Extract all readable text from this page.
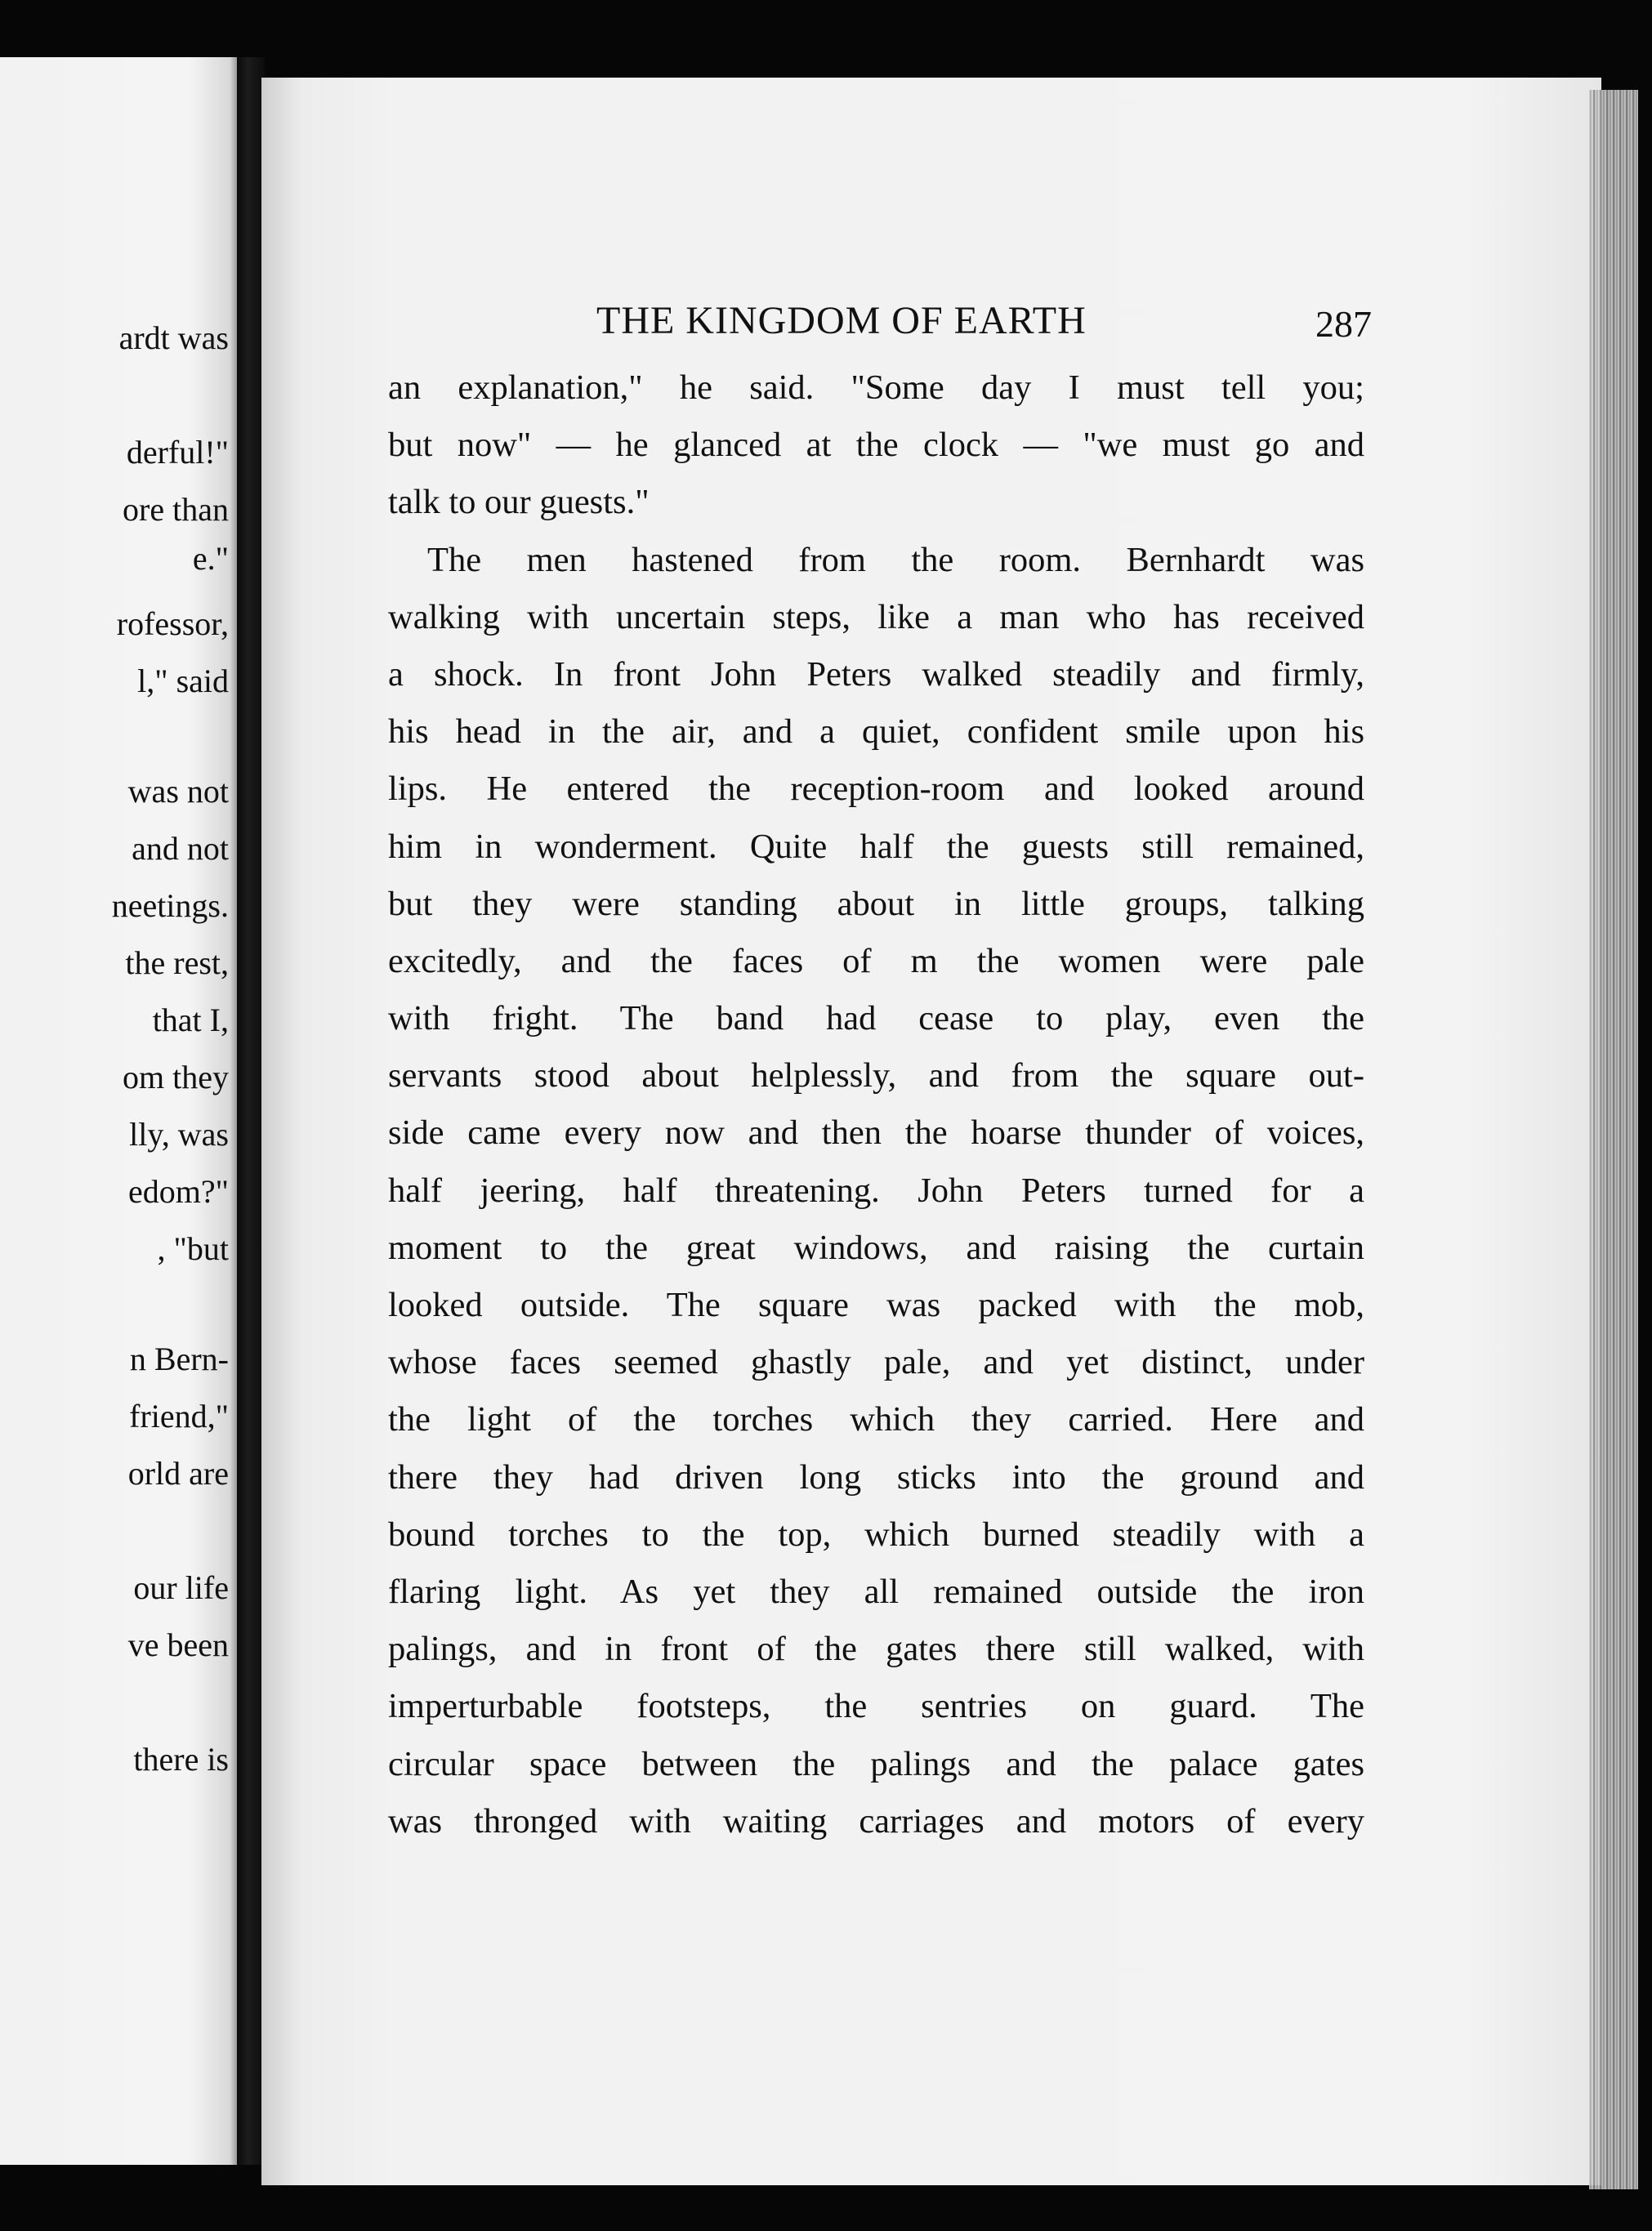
ardt was
derful!"
ore than
e."
rofessor,
l," said
was not
and not
neetings.
the rest,
that I,
om they
lly, was
edom?"
, "but
n Bern-
friend,"
orld are
our life
ve been
there is
THE KINGDOM OF EARTH	287
an explanation," he said. "Some day I must tell you;
but now" — he glanced at the clock — "we must go and
talk to our guests."
The men hastened from the room. Bernhardt was
walking with uncertain steps, like a man who has received
a shock. In front John Peters walked steadily and firmly,
his head in the air, and a quiet, confident smile upon his
lips. He entered the reception-room and looked around
him in wonderment. Quite half the guests still remained,
but they were standing about in little groups, talking
excitedly, and the faces of m the women were pale
with fright. The band had cease to play, even the
servants stood about helplessly, and from the square out-
side came every now and then the hoarse thunder of voices,
half jeering, half threatening. John Peters turned for a
moment to the great windows, and raising the curtain
looked outside. The square was packed with the mob,
whose faces seemed ghastly pale, and yet distinct, under
the light of the torches which they carried. Here and
there they had driven long sticks into the ground and
bound torches to the top, which burned steadily with a
flaring light. As yet they all remained outside the iron
palings, and in front of the gates there still walked, with
imperturbable footsteps, the sentries on guard. The
circular space between the palings and the palace gates
was thronged with waiting carriages and motors of every
